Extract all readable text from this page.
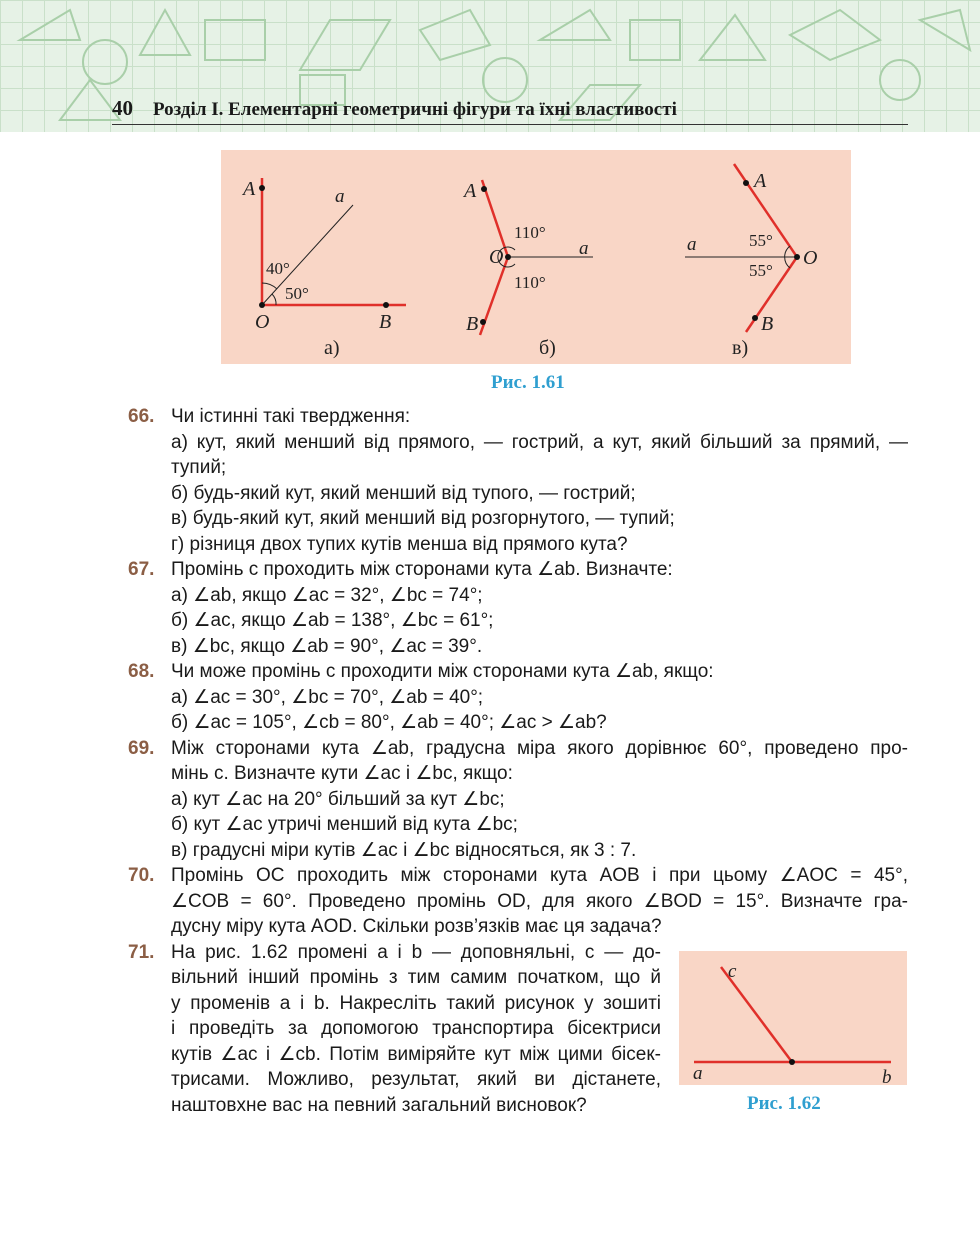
40 Розділ I. Елементарні геометричні фігури та їхні властивості
A	a
40°
50°
O	B
а)
A
110°
O	a
110°
B
б)
A
a	55°
55°
O
B
в)
Рис. 1.61
66. Чи істинні такі твердження:
а) кут, який менший від прямого, — гострий, а кут, який більший за прямий, —
тупий;
б) будь-який кут, який менший від тупого, — гострий;
в) будь-який кут, який менший від розгорнутого, — тупий;
г) різниця двох тупих кутів менша від прямого кута?
67. Промінь c проходить між сторонами кута ∠ab. Визначте:
а) ∠ab, якщо ∠ac = 32°, ∠bc = 74°;
б) ∠ac, якщо ∠ab = 138°, ∠bc = 61°;
в) ∠bc, якщо ∠ab = 90°, ∠ac = 39°.
68. Чи може промінь c проходити між сторонами кута ∠ab, якщо:
а) ∠ac = 30°, ∠bc = 70°, ∠ab = 40°;
б) ∠ac = 105°, ∠cb = 80°, ∠ab = 40°; ∠ac > ∠ab?
69. Між сторонами кута ∠ab, градусна міра якого дорівнює 60°, проведено про-
мінь c. Визначте кути ∠ac і ∠bc, якщо:
а) кут ∠ac на 20° більший за кут ∠bc;
б) кут ∠ac утричі менший від кута ∠bc;
в) градусні міри кутів ∠ac і ∠bc відносяться, як 3 : 7.
70. Промінь OC проходить між сторонами кута AOB і при цьому ∠AOC = 45°,
∠COB = 60°. Проведено промінь OD, для якого ∠BOD = 15°. Визначте гра-
дусну міру кута AOD. Скільки розв’язків має ця задача?
71. На рис. 1.62 промені a і b — доповняльні, c — до-
вільний інший промінь з тим самим початком, що й
у променів a і b. Накресліть такий рисунок у зошиті
і проведіть за допомогою транспортира бісектриси
кутів ∠ac і ∠cb. Потім виміряйте кут між цими бісек-
трисами. Можливо, результат, який ви дістанете,
наштовхне вас на певний загальний висновок?
c
a	b
Рис. 1.62
